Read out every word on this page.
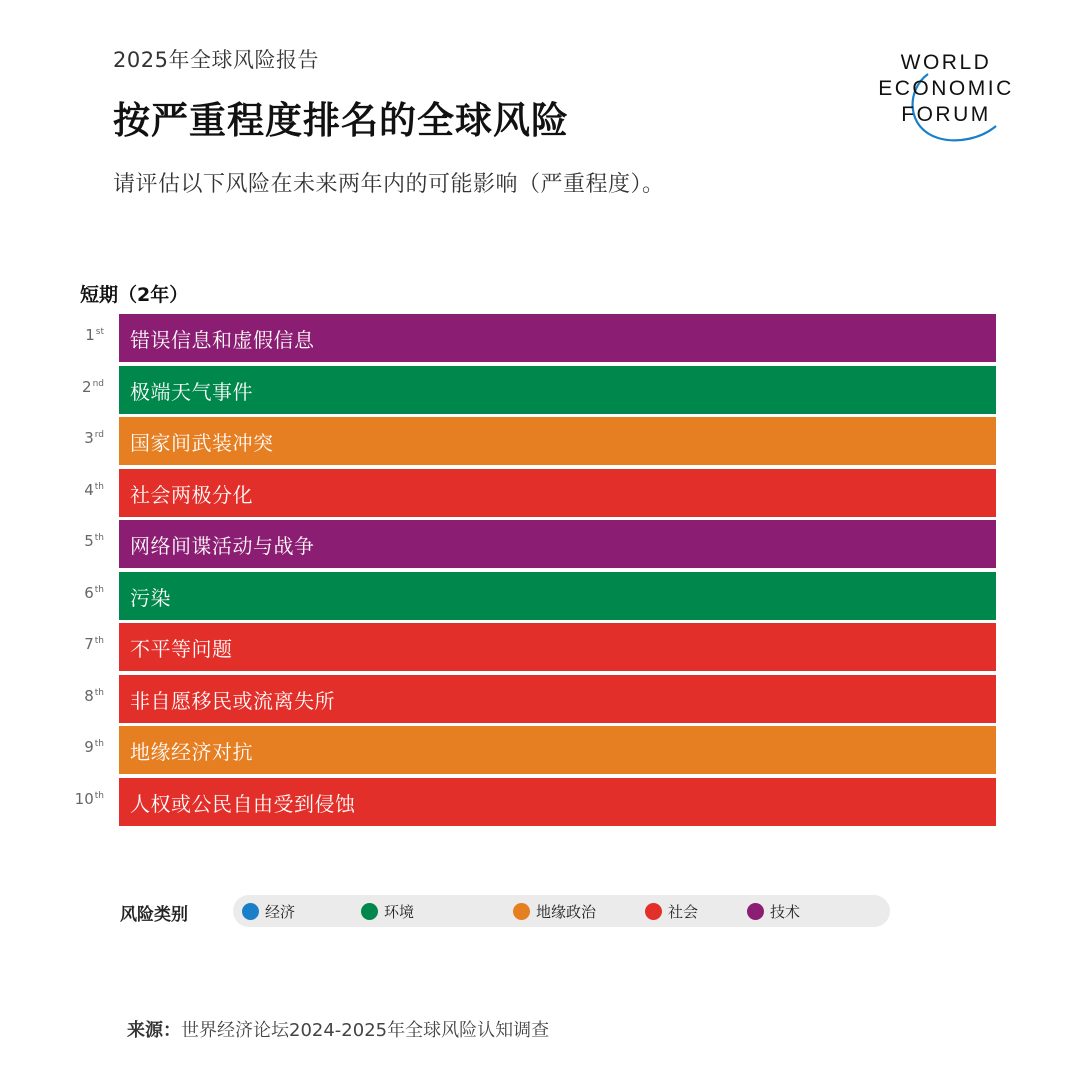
2025年全球风险报告
按严重程度排名的全球风险
请评估以下风险在未来两年内的可能影响（严重程度）。
WORLD
ECONOMIC
FORUM
短期（2年）
1st 错误信息和虚假信息
2nd 极端天气事件
3rd 国家间武装冲突
4th 社会两极分化
5th 网络间谍活动与战争
6th 污染
7th 不平等问题
8th 非自愿移民或流离失所
9th 地缘经济对抗
10th 人权或公民自由受到侵蚀
风险类别	经济	环境	地缘政治	社会	技术
来源：世界经济论坛2024-2025年全球风险认知调查
